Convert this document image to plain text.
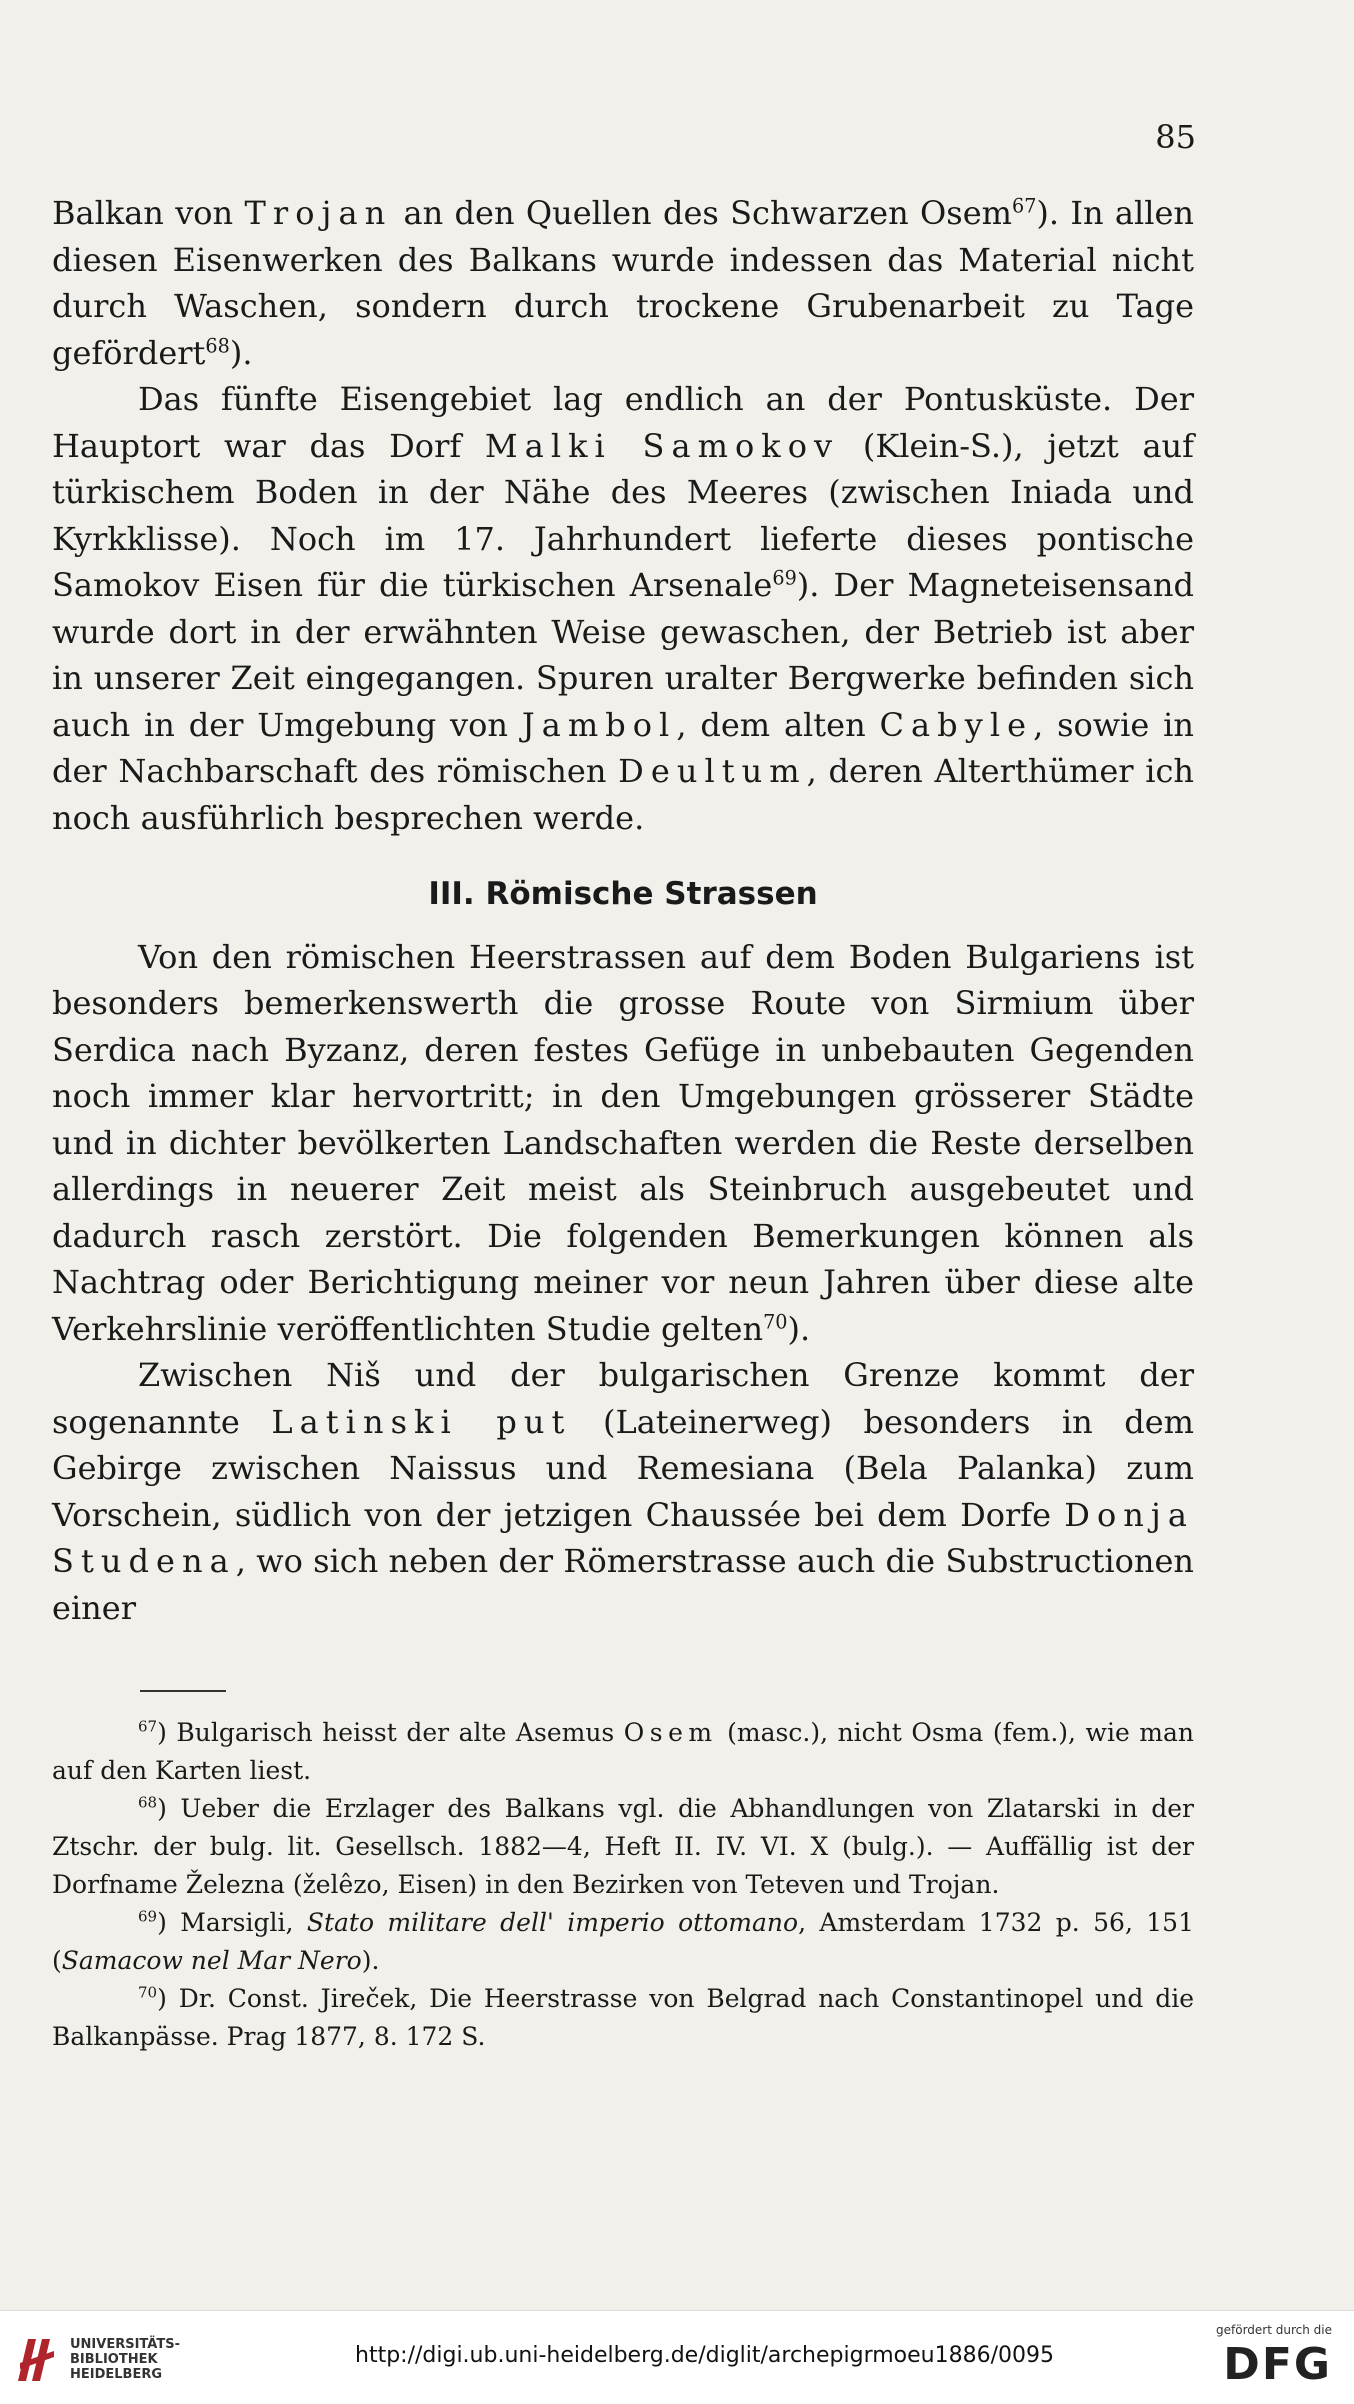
85

Balkan von Trojan an den Quellen des Schwarzen Osem$^{67}$). In allen diesen Eisenwerken des Balkans wurde indessen das Material nicht durch Waschen, sondern durch trockene Grubenarbeit zu Tage gefördert$^{68}$).

Das fünfte Eisengebiet lag endlich an der Pontusküste. Der Hauptort war das Dorf Malki Samokov (Klein-S.), jetzt auf türkischem Boden in der Nähe des Meeres (zwischen Iniada und Kyrkklisse). Noch im 17. Jahrhundert lieferte dieses pontische Samokov Eisen für die türkischen Arsenale$^{69}$). Der Magneteisensand wurde dort in der erwähnten Weise gewaschen, der Betrieb ist aber in unserer Zeit eingegangen. Spuren uralter Bergwerke befinden sich auch in der Umgebung von Jambol, dem alten Cabyle, sowie in der Nachbarschaft des römischen Deultum, deren Alterthümer ich noch ausführlich besprechen werde.

III. Römische Strassen

Von den römischen Heerstrassen auf dem Boden Bulgariens ist besonders bemerkenswerth die grosse Route von Sirmium über Serdica nach Byzanz, deren festes Gefüge in unbebauten Gegenden noch immer klar hervortritt; in den Umgebungen grösserer Städte und in dichter bevölkerten Landschaften werden die Reste derselben allerdings in neuerer Zeit meist als Steinbruch ausgebeutet und dadurch rasch zerstört. Die folgenden Bemerkungen können als Nachtrag oder Berichtigung meiner vor neun Jahren über diese alte Verkehrslinie veröffentlichten Studie gelten$^{70}$).

Zwischen Niš und der bulgarischen Grenze kommt der sogenannte Latinski put (Lateinerweg) besonders in dem Gebirge zwischen Naissus und Remesiana (Bela Palanka) zum Vorschein, südlich von der jetzigen Chaussée bei dem Dorfe Donja Studena, wo sich neben der Römerstrasse auch die Substructionen einer

$^{67}$) Bulgarisch heisst der alte Asemus Osem (masc.), nicht Osma (fem.), wie man auf den Karten liest.

$^{68}$) Ueber die Erzlager des Balkans vgl. die Abhandlungen von Zlatarski in der Ztschr. der bulg. lit. Gesellsch. 1882—4, Heft II. IV. VI. X (bulg.). — Auffällig ist der Dorfname Železna (želêzo, Eisen) in den Bezirken von Teteven und Trojan.

$^{69}$) Marsigli, Stato militare dell' imperio ottomano, Amsterdam 1732 p. 56, 151 (Samacow nel Mar Nero).

$^{70}$) Dr. Const. Jireček, Die Heerstrasse von Belgrad nach Constantinopel und die Balkanpässe. Prag 1877, 8. 172 S.

UNIVERSITÄTS-
BIBLIOTHEK
HEIDELBERG
http://digi.ub.uni-heidelberg.de/diglit/archepigrmoeu1886/0095
gefördert durch die
DFG
